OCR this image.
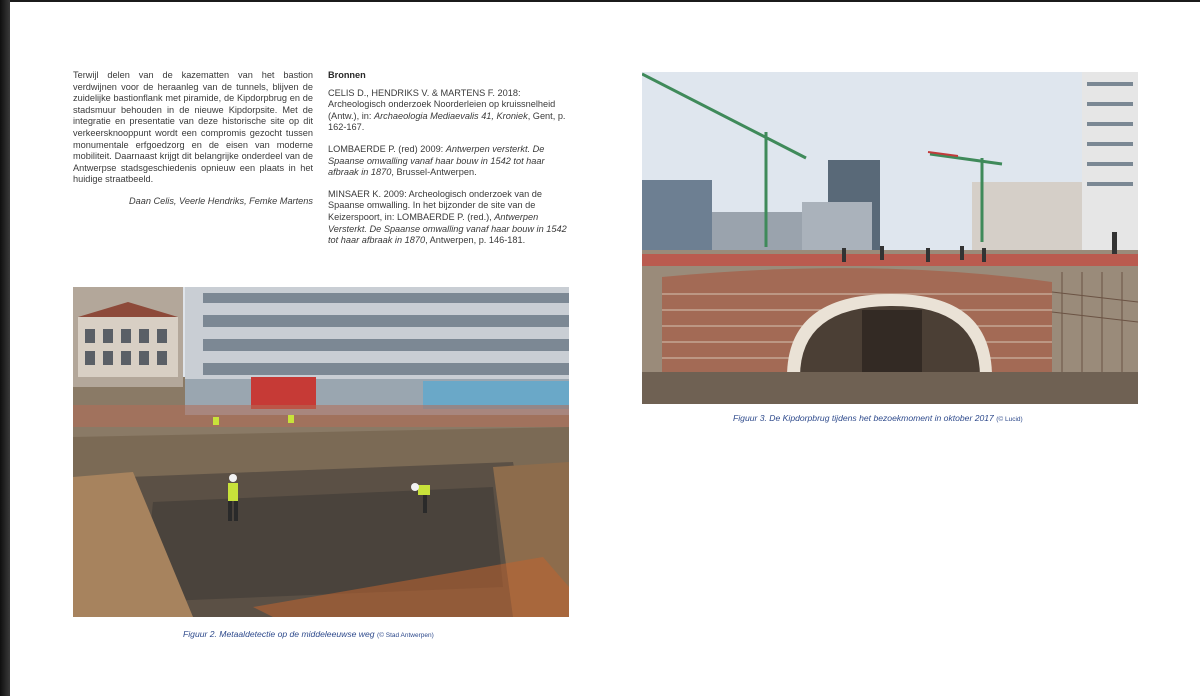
Terwijl delen van de kazematten van het bastion verdwijnen voor de heraanleg van de tunnels, blijven de zuidelijke bastionflank met piramide, de Kipdorpbrug en de stadsmuur behouden in de nieuwe Kipdorpsite. Met de integratie en presentatie van deze historische site op dit verkeersknooppunt wordt een compromis gezocht tussen monumentale erfgoedzorg en de eisen van moderne mobiliteit. Daarnaast krijgt dit belangrijke onderdeel van de Antwerpse stadsgeschiedenis opnieuw een plaats in het huidige straatbeeld.

Daan Celis, Veerle Hendriks, Femke Martens

Bronnen

CELIS D., HENDRIKS V. & MARTENS F. 2018: Archeologisch onderzoek Noorderleien op kruissnelheid (Antw.), in: Archaeologia Mediaevalis 41, Kroniek, Gent, p. 162-167.

LOMBAERDE P. (red) 2009: Antwerpen versterkt. De Spaanse omwalling vanaf haar bouw in 1542 tot haar afbraak in 1870, Brussel-Antwerpen.

MINSAER K. 2009: Archeologisch onderzoek van de Spaanse omwalling. In het bijzonder de site van de Keizerspoort, in: LOMBAERDE P. (red.), Antwerpen Versterkt. De Spaanse omwalling vanaf haar bouw in 1542 tot haar afbraak in 1870, Antwerpen, p. 146-181.

Figuur 2. Metaaldetectie op de middeleeuwse weg (© Stad Antwerpen)
Figuur 3. De Kipdorpbrug tijdens het bezoekmoment in oktober 2017 (© Lucid)
